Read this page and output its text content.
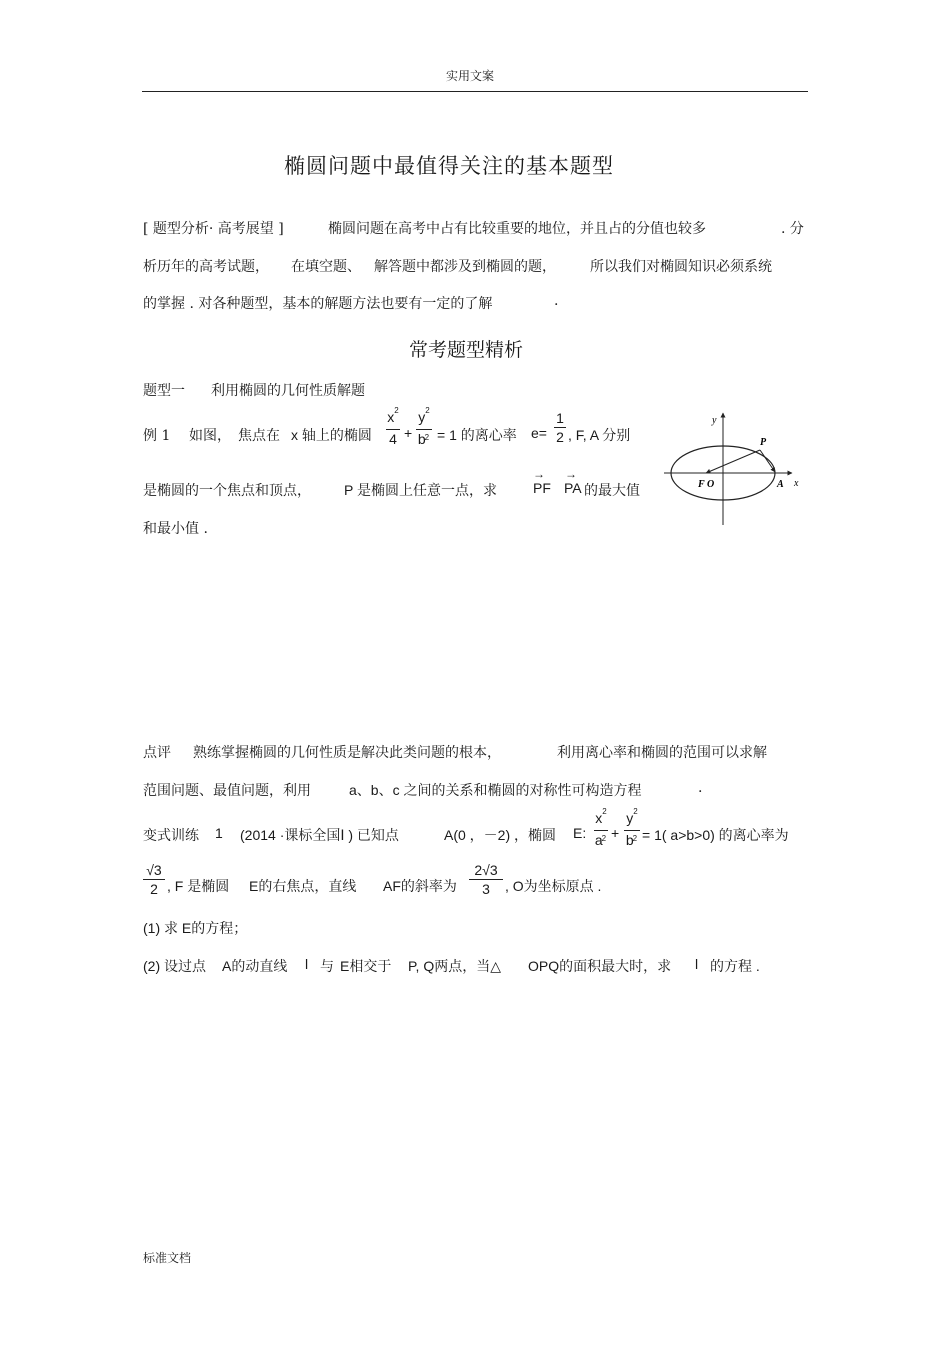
实用文案
椭圆问题中最值得关注的基本题型
[ 题型分析· 高考展望 ]	椭圆问题在高考中占有比较重要的地位，并且占的分值也较多	. 分
析历年的高考试题， 在填空题、 解答题中都涉及到椭圆的题， 所以我们对椭圆知识必须系统
的掌握 . 对各种题型，基本的解题方法也要有一定的了解	.
常考题型精析
题型一 利用椭圆的几何性质解题
例 1 如图， 焦点在 x 轴上的椭圆
$x^2$
4 +
$y^2$
$b^2 = 1$ 的离心率 e=
1
2 , F, A 分别
是椭圆的一个焦点和顶点， P 是椭圆上任意一点，求
→
PF
→
PA 的最大值
和最小值 .
y
x
P
F O	A
点评 熟练掌握椭圆的几何性质是解决此类问题的根本，	利用离心率和椭圆的范围可以求解
范围问题、最值问题，利用	a、b、c 之间的关系和椭圆的对称性可构造方程	.
变式训练 1 (2014 ·课标全国Ⅰ ) 已知点	A(0 ，－2) ，椭圆 E:
$x^2$
$a^2$ +
$y^2$
$b^2 = 1$( a>b>0) 的离心率为
√3
2 , F 是椭圆 E的右焦点，直线 AF的斜率为
2√3
3	, O为坐标原点 .
(1) 求 E的方程；
(2) 设过点 A的动直线 l 与 E相交于 P, Q两点，当△ OPQ的面积最大时，求 l 的方程 .
标准文档
